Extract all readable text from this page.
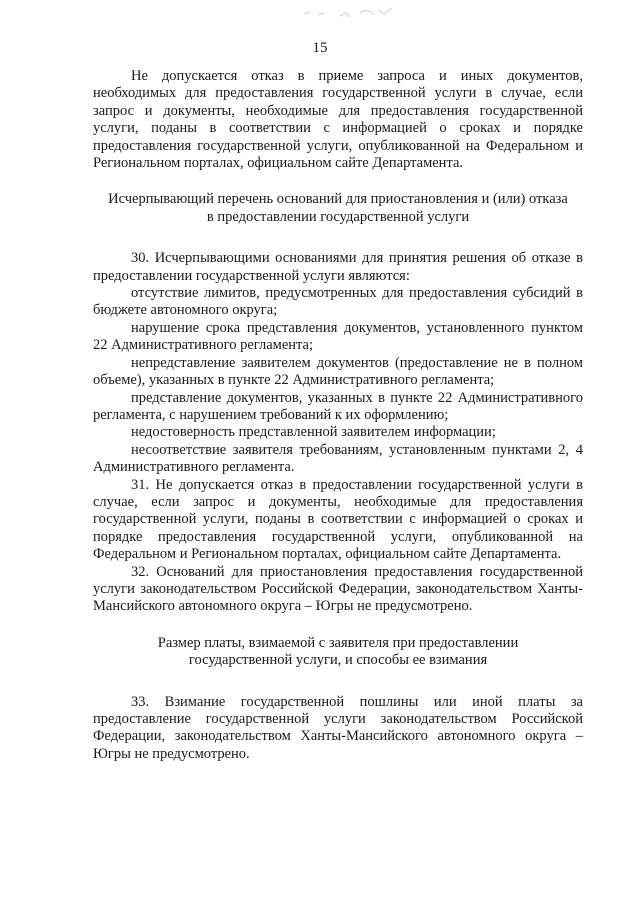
15

Не допускается отказ в приеме запроса и иных документов, необходимых для предоставления государственной услуги в случае, если запрос и документы, необходимые для предоставления государственной услуги, поданы в соответствии с информацией о сроках и порядке предоставления государственной услуги, опубликованной на Федеральном и Региональном порталах, официальном сайте Департамента.

Исчерпывающий перечень оснований для приостановления и (или) отказа
в предоставлении государственной услуги

30. Исчерпывающими основаниями для принятия решения об отказе в предоставлении государственной услуги являются:

отсутствие лимитов, предусмотренных для предоставления субсидий в бюджете автономного округа;

нарушение срока представления документов, установленного пунктом 22 Административного регламента;

непредставление заявителем документов (предоставление не в полном объеме), указанных в пункте 22 Административного регламента;

представление документов, указанных в пункте 22 Административного регламента, с нарушением требований к их оформлению;

недостоверность представленной заявителем информации;

несоответствие заявителя требованиям, установленным пунктами 2, 4 Административного регламента.

31. Не допускается отказ в предоставлении государственной услуги в случае, если запрос и документы, необходимые для предоставления государственной услуги, поданы в соответствии с информацией о сроках и порядке предоставления государственной услуги, опубликованной на Федеральном и Региональном порталах, официальном сайте Департамента.

32. Оснований для приостановления предоставления государственной услуги законодательством Российской Федерации, законодательством Ханты-Мансийского автономного округа – Югры не предусмотрено.

Размер платы, взимаемой с заявителя при предоставлении
государственной услуги, и способы ее взимания

33. Взимание государственной пошлины или иной платы за предоставление государственной услуги законодательством Российской Федерации, законодательством Ханты-Мансийского автономного округа – Югры не предусмотрено.
